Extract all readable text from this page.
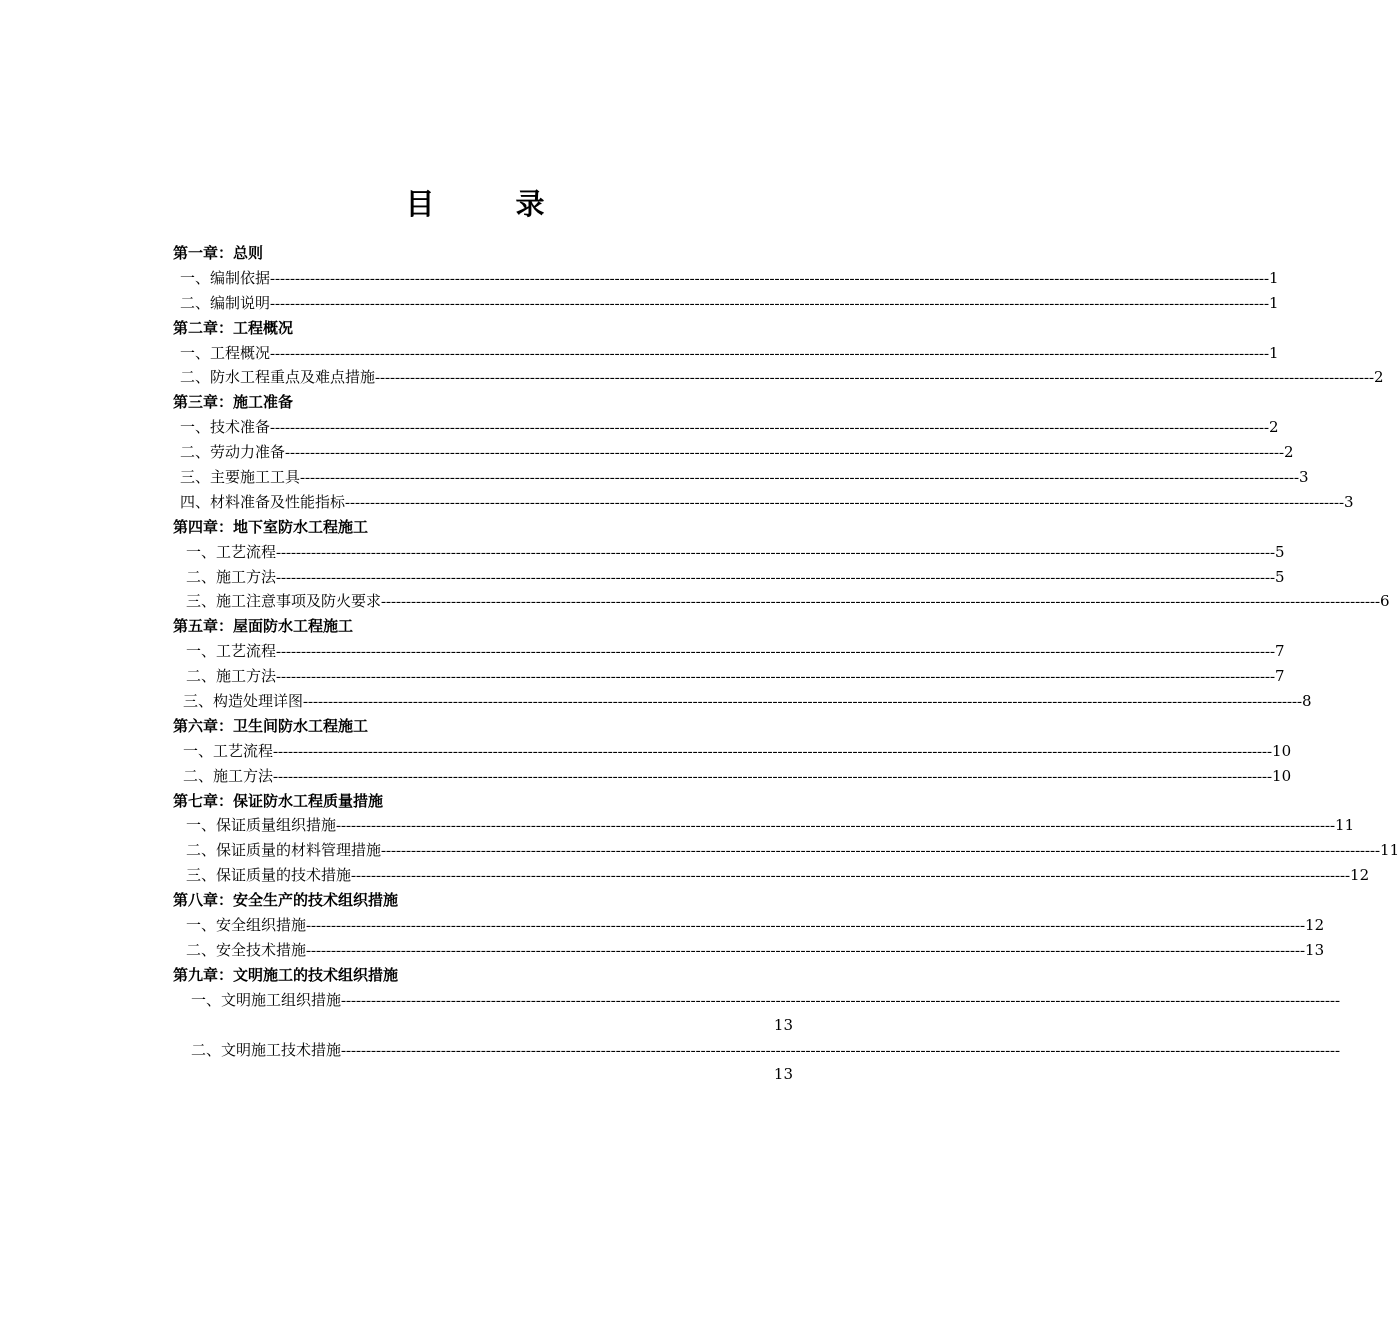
目　录
第一章：总则
一、编制依据 -------------------------------------------------------------------------------------------------------------------------------------------------------------------------------------------------------- 1
二、编制说明 -------------------------------------------------------------------------------------------------------------------------------------------------------------------------------------------------------- 1
第二章：工程概况
一、工程概况 -------------------------------------------------------------------------------------------------------------------------------------------------------------------------------------------------------- 1
二、防水工程重点及难点措施 -------------------------------------------------------------------------------------------------------------------------------------------------------------------------------------------------------- 2
第三章：施工准备
一、技术准备 -------------------------------------------------------------------------------------------------------------------------------------------------------------------------------------------------------- 2
二、劳动力准备 -------------------------------------------------------------------------------------------------------------------------------------------------------------------------------------------------------- 2
三、主要施工工具 -------------------------------------------------------------------------------------------------------------------------------------------------------------------------------------------------------- 3
四、材料准备及性能指标 -------------------------------------------------------------------------------------------------------------------------------------------------------------------------------------------------------- 3
第四章：地下室防水工程施工
一、工艺流程 -------------------------------------------------------------------------------------------------------------------------------------------------------------------------------------------------------- 5
二、施工方法 -------------------------------------------------------------------------------------------------------------------------------------------------------------------------------------------------------- 5
三、施工注意事项及防火要求 -------------------------------------------------------------------------------------------------------------------------------------------------------------------------------------------------------- 6
第五章：屋面防水工程施工
一、工艺流程 -------------------------------------------------------------------------------------------------------------------------------------------------------------------------------------------------------- 7
二、施工方法 -------------------------------------------------------------------------------------------------------------------------------------------------------------------------------------------------------- 7
三、构造处理详图 -------------------------------------------------------------------------------------------------------------------------------------------------------------------------------------------------------- 8
第六章：卫生间防水工程施工
一、工艺流程 -------------------------------------------------------------------------------------------------------------------------------------------------------------------------------------------------------- 10
二、施工方法 -------------------------------------------------------------------------------------------------------------------------------------------------------------------------------------------------------- 10
第七章：保证防水工程质量措施
一、保证质量组织措施 -------------------------------------------------------------------------------------------------------------------------------------------------------------------------------------------------------- 11
二、保证质量的材料管理措施 -------------------------------------------------------------------------------------------------------------------------------------------------------------------------------------------------------- 11
三、保证质量的技术措施 -------------------------------------------------------------------------------------------------------------------------------------------------------------------------------------------------------- 12
第八章：安全生产的技术组织措施
一、安全组织措施 -------------------------------------------------------------------------------------------------------------------------------------------------------------------------------------------------------- 12
二、安全技术措施 -------------------------------------------------------------------------------------------------------------------------------------------------------------------------------------------------------- 13
第九章：文明施工的技术组织措施
一、文明施工组织措施 --------------------------------------------------------------------------------------------------------------------------------------------------------------------------------------------------------
13
二、文明施工技术措施 --------------------------------------------------------------------------------------------------------------------------------------------------------------------------------------------------------
13
